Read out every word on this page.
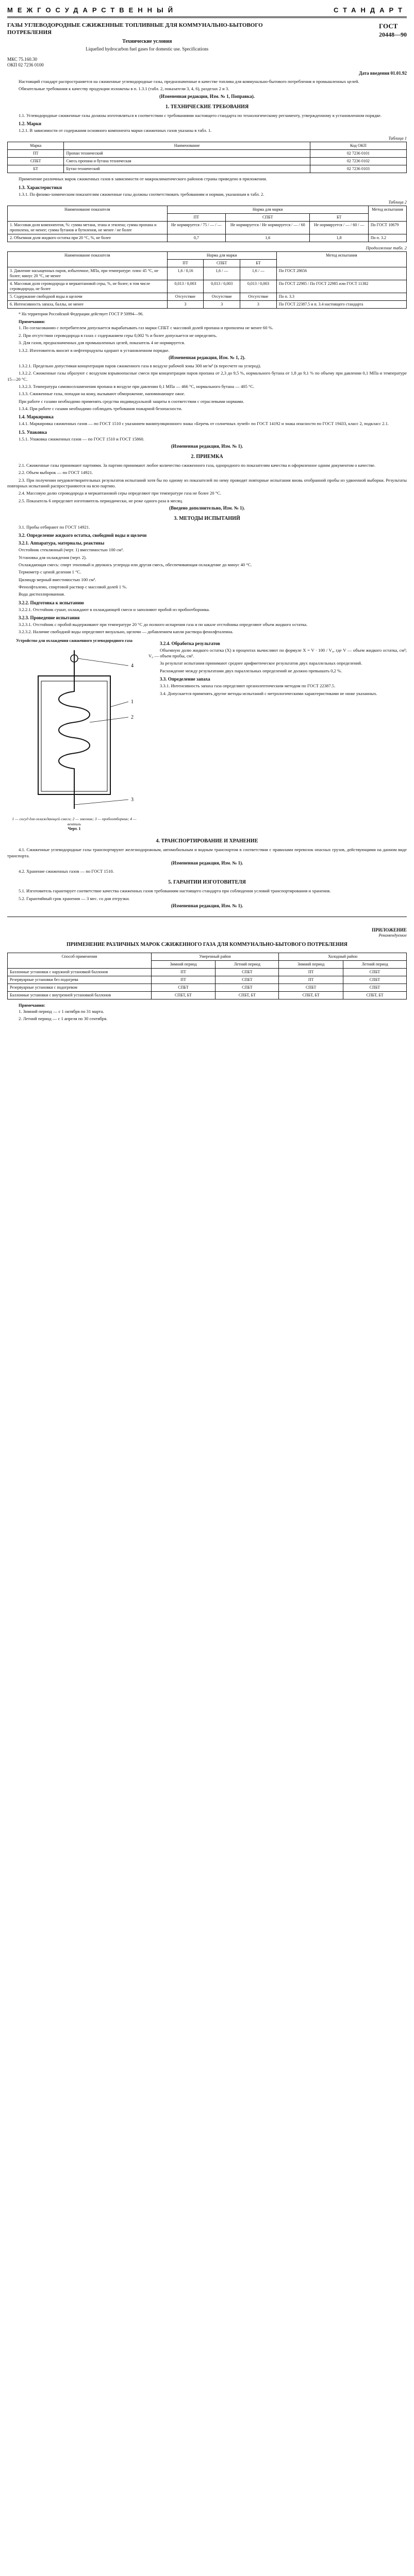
МЕЖГОСУДАРСТВЕННЫЙ	СТАНДАРТ
ГАЗЫ УГЛЕВОДОРОДНЫЕ СЖИЖЕННЫЕ ТОПЛИВНЫЕ ДЛЯ КОММУНАЛЬНО-БЫТОВОГО ПОТРЕБЛЕНИЯ
Технические условия
Liquefied hydrocarbon fuel gases for domestic use. Specifications
МКС 75.160.30
ОКП 02 7236 0100
ГОСТ
20448—90
Дата введения 01.01.92

Настоящий стандарт распространяется на сжиженные углеводородные газы, предназначенные в качестве топлива для коммунально-бытового потребления и промышленных целей.

Обязательные требования к качеству продукции изложены в п. 1.3.1 (табл. 2, показатели 3, 4, 6), разделах 2 и 3.

(Измененная редакция, Изм. № 1, Поправка).
1. ТЕХНИЧЕСКИЕ ТРЕБОВАНИЯ

1.1. Углеводородные сжиженные газы должны изготовляться в соответствии с требованиями настоящего стандарта по технологическому регламенту, утвержденному в установленном порядке.

1.2. Марки

1.2.1. В зависимости от содержания основного компонента марки сжиженных газов указаны в табл. 1.

Таблица 1
Марка	Наименование	Код ОКП
ПТ	Пропан технический	02 7236 0101
СПБТ	Смесь пропана и бутана техническая	02 7236 0102
БТ	Бутан технический	02 7236 0103

Применение различных марок сжиженных газов в зависимости от макроклиматического районов страны приведено в приложении.

1.3. Характеристики

1.3.1. По физико-химическим показателям сжиженные газы должны соответствовать требованиям и нормам, указанным в табл. 2.

Таблица 2
Наименование показателя	Норма для марки			Метод испытания
	ПТ	СПБТ	БТ	
1. Массовая доля компонентов, %: сумма метана, этана и этилена; сумма пропана и пропилена, не менее; сумма бутанов и бутиленов, не менее / не более	Не нормируется / 75 / — / —	Не нормируется / Не нормируется / — / 60	Не нормируется / — / 60 / —	По ГОСТ 10679
2. Объемная доля жидкого остатка при 20 °С, %, не более	0,7	1,6	1,8	По п. 3.2
Продолжение табл. 2
Наименование показателя	Норма для марки			Метод испытания
	ПТ	СПБТ	БТ	
3. Давление насыщенных паров, избыточное, МПа, при температуре: плюс 45 °С, не более; минус 20 °С, не менее	1,6 / 0,16	1,6 / —	1,6 / —	По ГОСТ 28656
4. Массовая доля сероводорода и меркаптановой серы, %, не более; в том числе сероводорода, не более	0,013 / 0,003	0,013 / 0,003	0,013 / 0,003	По ГОСТ 22985 / По ГОСТ 22985 или ГОСТ 11382
5. Содержание свободной воды и щелочи	Отсутствие	Отсутствие	Отсутствие	По п. 3.3
6. Интенсивность запаха, баллы, не менее	3	3	3	По ГОСТ 22387.5 и п. 3.4 настоящего стандарта

* На территории Российской Федерации действует ГОСТ Р 50994—96.

Примечания:

1. По согласованию с потребителем допускается вырабатывать газ марки СПБТ с массовой долей пропана и пропилена не менее 60 %.

2. При отсутствии сероводорода в газах с содержанием серы 0,002 % и более допускается не определять.

3. Для газов, предназначенных для промышленных целей, показатель 4 не нормируется.

1.3.2. Изготовитель вносит в нефтепродукты одорант в установленном порядке.

(Измененная редакция, Изм. № 1, 2).

1.3.2.1. Предельно допустимая концентрация паров сжиженного газа в воздухе рабочей зоны 300 мг/м³ (в пересчете на углерод).

1.3.2.2. Сжиженные газы образуют с воздухом взрывоопасные смеси при концентрации паров пропана от 2,3 до 9,5 %, нормального бутана от 1,8 до 9,1 % по объему при давлении 0,1 МПа и температуре 15—20 °С.

1.3.2.3. Температура самовоспламенения пропана в воздухе при давлении 0,1 МПа — 466 °С, нормального бутана — 405 °С.

1.3.3. Сжиженные газы, попадая на кожу, вызывают обморожение, напоминающее ожог.

При работе с газами необходимо применять средства индивидуальной защиты в соответствии с отраслевыми нормами.

1.3.4. При работе с газами необходимо соблюдать требования пожарной безопасности.

1.4. Маркировка

1.4.1. Маркировка сжиженных газов — по ГОСТ 1510 с указанием манипуляционного знака «Беречь от солнечных лучей» по ГОСТ 14192 и знака опасности по ГОСТ 19433, класс 2, подкласс 2.1.

1.5. Упаковка

1.5.1. Упаковка сжиженных газов — по ГОСТ 1510 и ГОСТ 15860.

(Измененная редакция, Изм. № 1).
2. ПРИЕМКА

2.1. Сжиженные газы принимают партиями. За партию принимают любое количество сжиженного газа, однородного по показателям качества и оформленное одним документом о качестве.

2.2. Объем выборок — по ГОСТ 14921.

2.3. При получении неудовлетворительных результатов испытаний хотя бы по одному из показателей по нему проводят повторные испытания вновь отобранной пробы из удвоенной выборки. Результаты повторных испытаний распространяются на всю партию.

2.4. Массовую долю сероводорода и меркаптановой серы определяют при температуре газа не более 20 °С.

2.5. Показатель 6 определяет изготовитель периодически, не реже одного раза в месяц.

(Введено дополнительно, Изм. № 1).
3. МЕТОДЫ ИСПЫТАНИЙ

3.1. Пробы отбирают по ГОСТ 14921.

3.2. Определение жидкого остатка, свободной воды и щелочи
3.2.1. Аппаратура, материалы, реактивы

Отстойник стеклянный (черт. 1) вместимостью 100 см³.

Установка для охлаждения (черт. 2).

Охлаждающая смесь: спирт этиловый и двуокись углерода или другая смесь, обеспечивающая охлаждение до минус 40 °С.

Термометр с ценой деления 1 °С.

Цилиндр мерный вместимостью 100 см³.

Фенолфталеин, спиртовой раствор с массовой долей 1 %.

Вода дистиллированная.

3.2.2. Подготовка к испытанию

3.2.2.1. Отстойник сушат, охлаждают в охлаждающей смеси и заполняют пробой из пробоотборника.

3.2.3. Проведение испытания

3.2.3.1. Отстойник с пробой выдерживают при температуре 20 °С до полного испарения газа и по шкале отстойника определяют объем жидкого остатка.

3.2.3.2. Наличие свободной воды определяют визуально, щелочи — добавлением капли раствора фенолфталеина.

Устройство для охлаждения сжиженного углеводородного газа
1
2
4
3
1 — сосуд для охлаждающей смеси; 2 — змеевик; 3 — пробоотборник; 4 — вентиль
Черт. 1
3.2.4. Обработка результатов

Объемную долю жидкого остатка (X) в процентах вычисляют по формуле X = V · 100 / V₀, где V — объем жидкого остатка, см³; V₀ — объем пробы, см³.

За результат испытания принимают среднее арифметическое результатов двух параллельных определений.

Расхождение между результатами двух параллельных определений не должно превышать 0,2 %.

3.3. Определение запаха

3.3.1. Интенсивность запаха газа определяют органолептическим методом по ГОСТ 22387.5.

3.4. Допускается применять другие методы испытаний с метрологическими характеристиками не ниже указанных.

4. ТРАНСПОРТИРОВАНИЕ И ХРАНЕНИЕ

4.1. Сжиженные углеводородные газы транспортируют железнодорожным, автомобильным и водным транспортом в соответствии с правилами перевозок опасных грузов, действующими на данном виде транспорта.

(Измененная редакция, Изм. № 1).

4.2. Хранение сжиженных газов — по ГОСТ 1510.

5. ГАРАНТИИ ИЗГОТОВИТЕЛЯ

5.1. Изготовитель гарантирует соответствие качества сжиженных газов требованиям настоящего стандарта при соблюдении условий транспортирования и хранения.

5.2. Гарантийный срок хранения — 3 мес. со дня отгрузки.

(Измененная редакция, Изм. № 1).
ПРИЛОЖЕНИЕ
Рекомендуемое
ПРИМЕНЕНИЕ РАЗЛИЧНЫХ МАРОК СЖИЖЕННОГО ГАЗА ДЛЯ КОММУНАЛЬНО-БЫТОВОГО ПОТРЕБЛЕНИЯ
Способ применения	Умеренный район		Холодный район	
	Зимний период	Летний период	Зимний период	Летний период
Баллонные установки с наружной установкой баллонов	ПТ	СПБТ	ПТ	СПБТ
Резервуарные установки без подогрева	ПТ	СПБТ	ПТ	СПБТ
Резервуарные установки с подогревом	СПБТ	СПБТ	СПБТ	СПБТ
Баллонные установки с внутренней установкой баллонов	СПБТ, БТ	СПБТ, БТ	СПБТ, БТ	СПБТ, БТ
Примечания:

1. Зимний период — с 1 октября по 31 марта.

2. Летний период — с 1 апреля по 30 сентября.
